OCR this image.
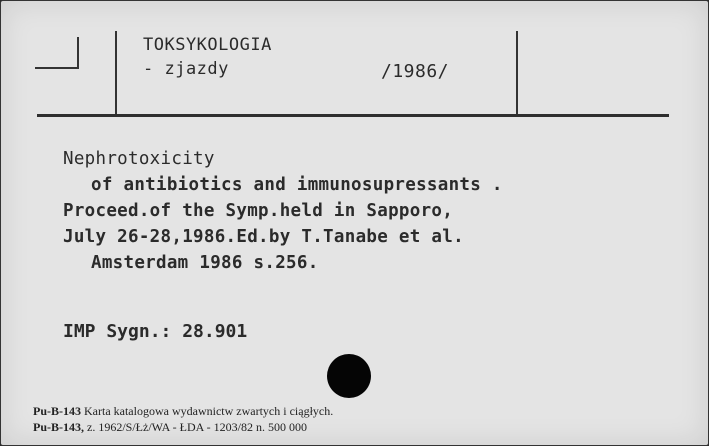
TOKSYKOLOGIA
- zjazdy	/1986/
Nephrotoxicity
of antibiotics and immunosupressants .
Proceed.of the Symp.held in Sapporo,
July 26-28,1986.Ed.by T.Tanabe et al.
Amsterdam 1986 s.256.
IMP Sygn.: 28.901
Pu-B-143 Karta katalogowa wydawnictw zwartych i ciągłych.
Pu-B-143, z. 1962/S/Łż/WA - ŁDA - 1203/82 n. 500 000
